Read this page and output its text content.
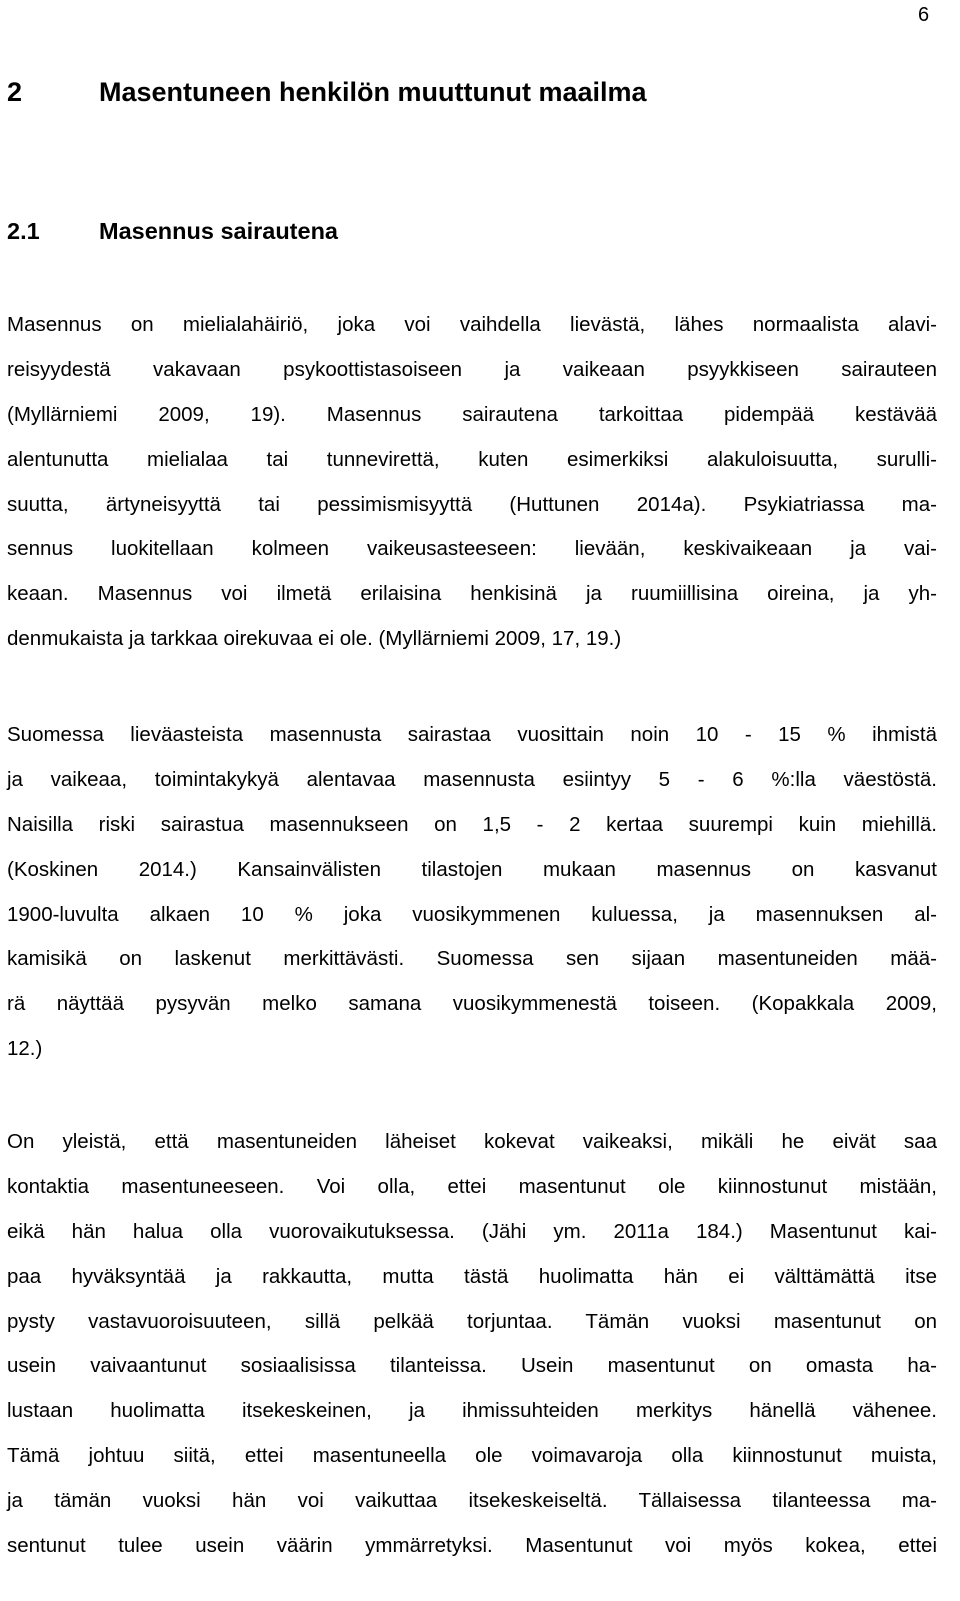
6
2	Masentuneen henkilön muuttunut maailma
2.1	Masennus sairautena

Masennus on mielialahäiriö, joka voi vaihdella lievästä, lähes normaalista alavi-
reisyydestä vakavaan psykoottistasoiseen ja vaikeaan psyykkiseen sairauteen
(Myllärniemi 2009, 19). Masennus sairautena tarkoittaa pidempää kestävää
alentunutta mielialaa tai tunnevirettä, kuten esimerkiksi alakuloisuutta, surulli-
suutta, ärtyneisyyttä tai pessimismisyyttä (Huttunen 2014a). Psykiatriassa ma-
sennus luokitellaan kolmeen vaikeusasteeseen: lievään, keskivaikeaan ja vai-
keaan. Masennus voi ilmetä erilaisina henkisinä ja ruumiillisina oireina, ja yh-
denmukaista ja tarkkaa oirekuvaa ei ole. (Myllärniemi 2009, 17, 19.)

Suomessa lieväasteista masennusta sairastaa vuosittain noin 10 - 15 % ihmistä
ja vaikeaa, toimintakykyä alentavaa masennusta esiintyy 5 - 6 %:lla väestöstä.
Naisilla riski sairastua masennukseen on 1,5 - 2 kertaa suurempi kuin miehillä.
(Koskinen 2014.) Kansainvälisten tilastojen mukaan masennus on kasvanut
1900-luvulta alkaen 10 % joka vuosikymmenen kuluessa, ja masennuksen al-
kamisikä on laskenut merkittävästi. Suomessa sen sijaan masentuneiden mää-
rä näyttää pysyvän melko samana vuosikymmenestä toiseen. (Kopakkala 2009,
12.)

On yleistä, että masentuneiden läheiset kokevat vaikeaksi, mikäli he eivät saa
kontaktia masentuneeseen. Voi olla, ettei masentunut ole kiinnostunut mistään,
eikä hän halua olla vuorovaikutuksessa. (Jähi ym. 2011a 184.) Masentunut kai-
paa hyväksyntää ja rakkautta, mutta tästä huolimatta hän ei välttämättä itse
pysty vastavuoroisuuteen, sillä pelkää torjuntaa. Tämän vuoksi masentunut on
usein vaivaantunut sosiaalisissa tilanteissa. Usein masentunut on omasta ha-
lustaan huolimatta itsekeskeinen, ja ihmissuhteiden merkitys hänellä vähenee.
Tämä johtuu siitä, ettei masentuneella ole voimavaroja olla kiinnostunut muista,
ja tämän vuoksi hän voi vaikuttaa itsekeskeiseltä. Tällaisessa tilanteessa ma-
sentunut tulee usein väärin ymmärretyksi. Masentunut voi myös kokea, ettei
